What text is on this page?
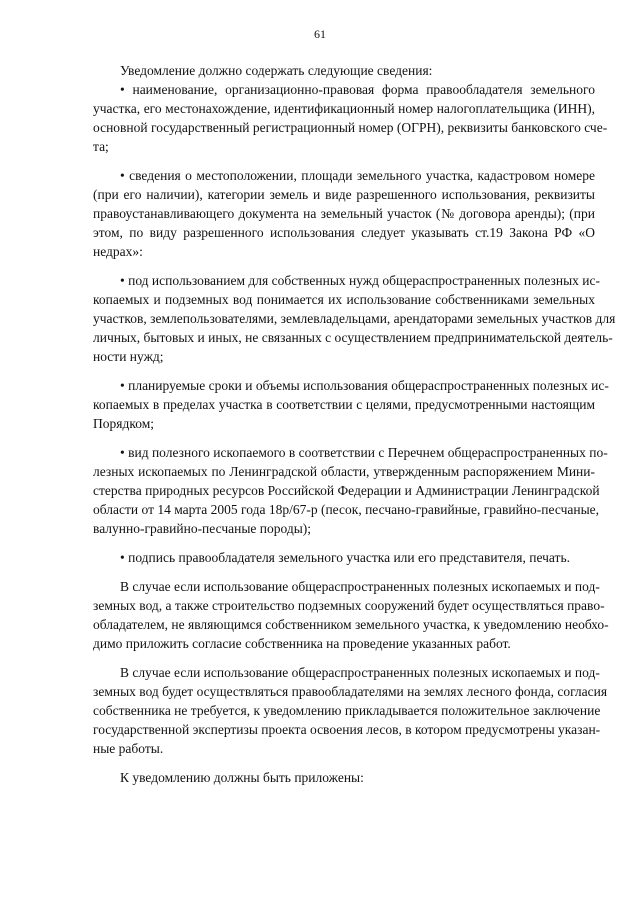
61
Уведомление должно содержать следующие сведения:
• наименование, организационно-правовая форма правообладателя земельного
участка, его местонахождение, идентификационный номер налогоплательщика (ИНН),
основной государственный регистрационный номер (ОГРН), реквизиты банковского сче-
та;
• сведения о местоположении, площади земельного участка, кадастровом номере
(при его наличии), категории земель и виде разрешенного использования, реквизиты
правоустанавливающего документа на земельный участок (№ договора аренды); (при
этом, по виду разрешенного использования следует указывать ст.19 Закона РФ «О
недрах»:
• под использованием для собственных нужд общераспространенных полезных ис-
копаемых и подземных вод понимается их использование собственниками земельных
участков, землепользователями, землевладельцами, арендаторами земельных участков для
личных, бытовых и иных, не связанных с осуществлением предпринимательской деятель-
ности нужд;
• планируемые сроки и объемы использования общераспространенных полезных ис-
копаемых в пределах участка в соответствии с целями, предусмотренными настоящим
Порядком;
• вид полезного ископаемого в соответствии с Перечнем общераспространенных по-
лезных ископаемых по Ленинградской области, утвержденным распоряжением Мини-
стерства природных ресурсов Российской Федерации и Администрации Ленинградской
области от 14 марта 2005 года 18р/67-р (песок, песчано-гравийные, гравийно-песчаные,
валунно-гравийно-песчаные породы);
• подпись правообладателя земельного участка или его представителя, печать.
В случае если использование общераспространенных полезных ископаемых и под-
земных вод, а также строительство подземных сооружений будет осуществляться право-
обладателем, не являющимся собственником земельного участка, к уведомлению необхо-
димо приложить согласие собственника на проведение указанных работ.
В случае если использование общераспространенных полезных ископаемых и под-
земных вод будет осуществляться правообладателями на землях лесного фонда, согласия
собственника не требуется, к уведомлению прикладывается положительное заключение
государственной экспертизы проекта освоения лесов, в котором предусмотрены указан-
ные работы.
К уведомлению должны быть приложены:
